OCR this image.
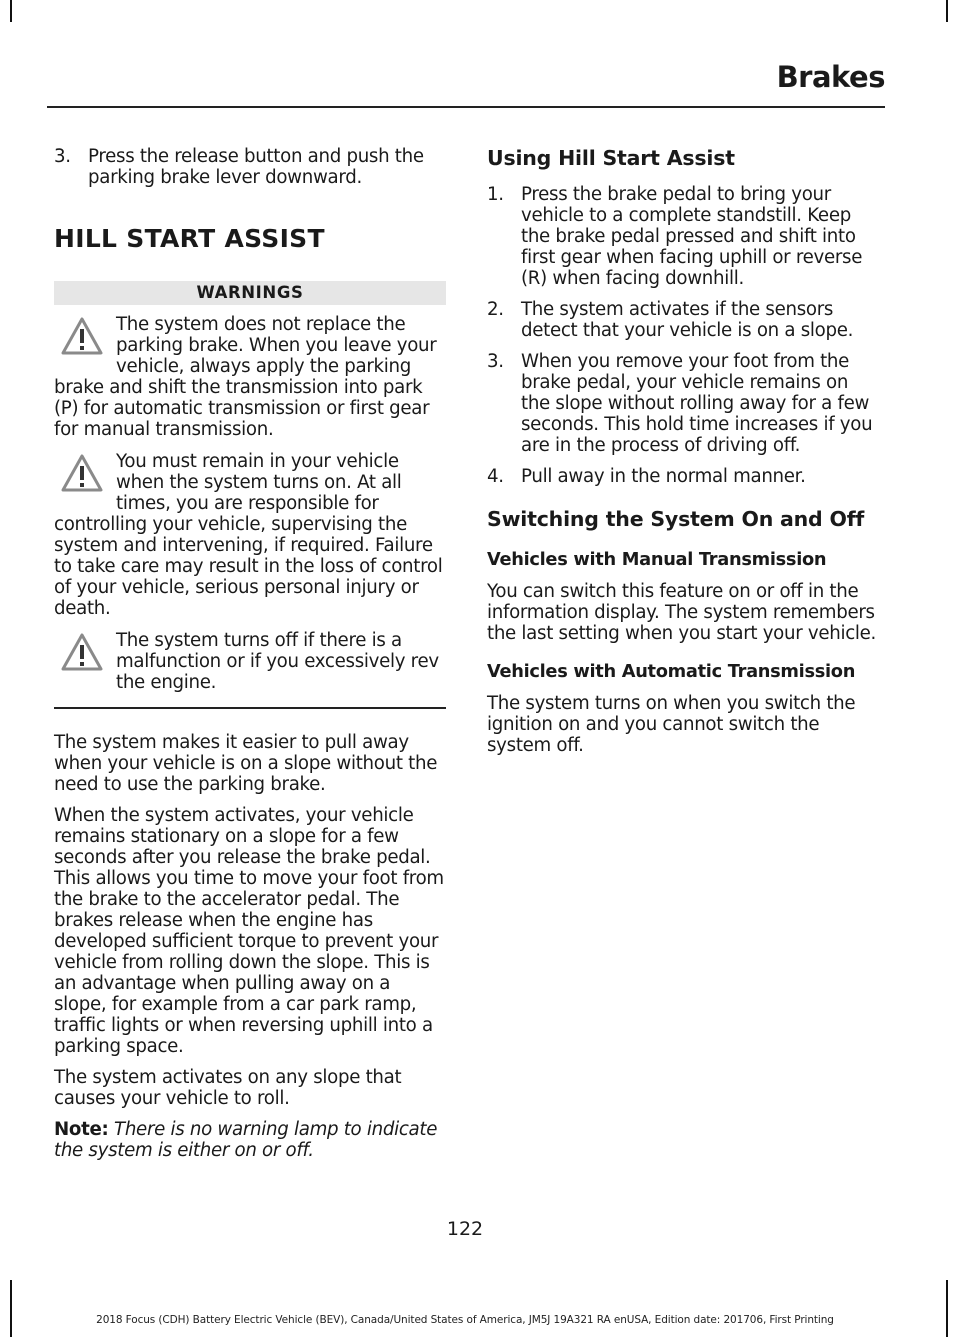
Brakes
3. Press the release button and push the parking brake lever downward.
HILL START ASSIST
WARNINGS

The system does not replace the parking brake. When you leave your vehicle, always apply the parking brake and shift the transmission into park (P) for automatic transmission or first gear for manual transmission.

You must remain in your vehicle when the system turns on. At all times, you are responsible for controlling your vehicle, supervising the system and intervening, if required. Failure to take care may result in the loss of control of your vehicle, serious personal injury or death.

The system turns off if there is a malfunction or if you excessively rev the engine.

The system makes it easier to pull away when your vehicle is on a slope without the need to use the parking brake.

When the system activates, your vehicle remains stationary on a slope for a few seconds after you release the brake pedal. This allows you time to move your foot from the brake to the accelerator pedal. The brakes release when the engine has developed sufficient torque to prevent your vehicle from rolling down the slope. This is an advantage when pulling away on a slope, for example from a car park ramp, traffic lights or when reversing uphill into a parking space.

The system activates on any slope that causes your vehicle to roll.

Note: There is no warning lamp to indicate the system is either on or off.

Using Hill Start Assist
1. Press the brake pedal to bring your vehicle to a complete standstill. Keep the brake pedal pressed and shift into first gear when facing uphill or reverse (R) when facing downhill.
2. The system activates if the sensors detect that your vehicle is on a slope.
3. When you remove your foot from the brake pedal, your vehicle remains on the slope without rolling away for a few seconds. This hold time increases if you are in the process of driving off.
4. Pull away in the normal manner.
Switching the System On and Off
Vehicles with Manual Transmission

You can switch this feature on or off in the information display. The system remembers the last setting when you start your vehicle.

Vehicles with Automatic Transmission

The system turns on when you switch the ignition on and you cannot switch the system off.

122
2018 Focus (CDH) Battery Electric Vehicle (BEV), Canada/United States of America, JM5J 19A321 RA enUSA, Edition date: 201706, First Printing
